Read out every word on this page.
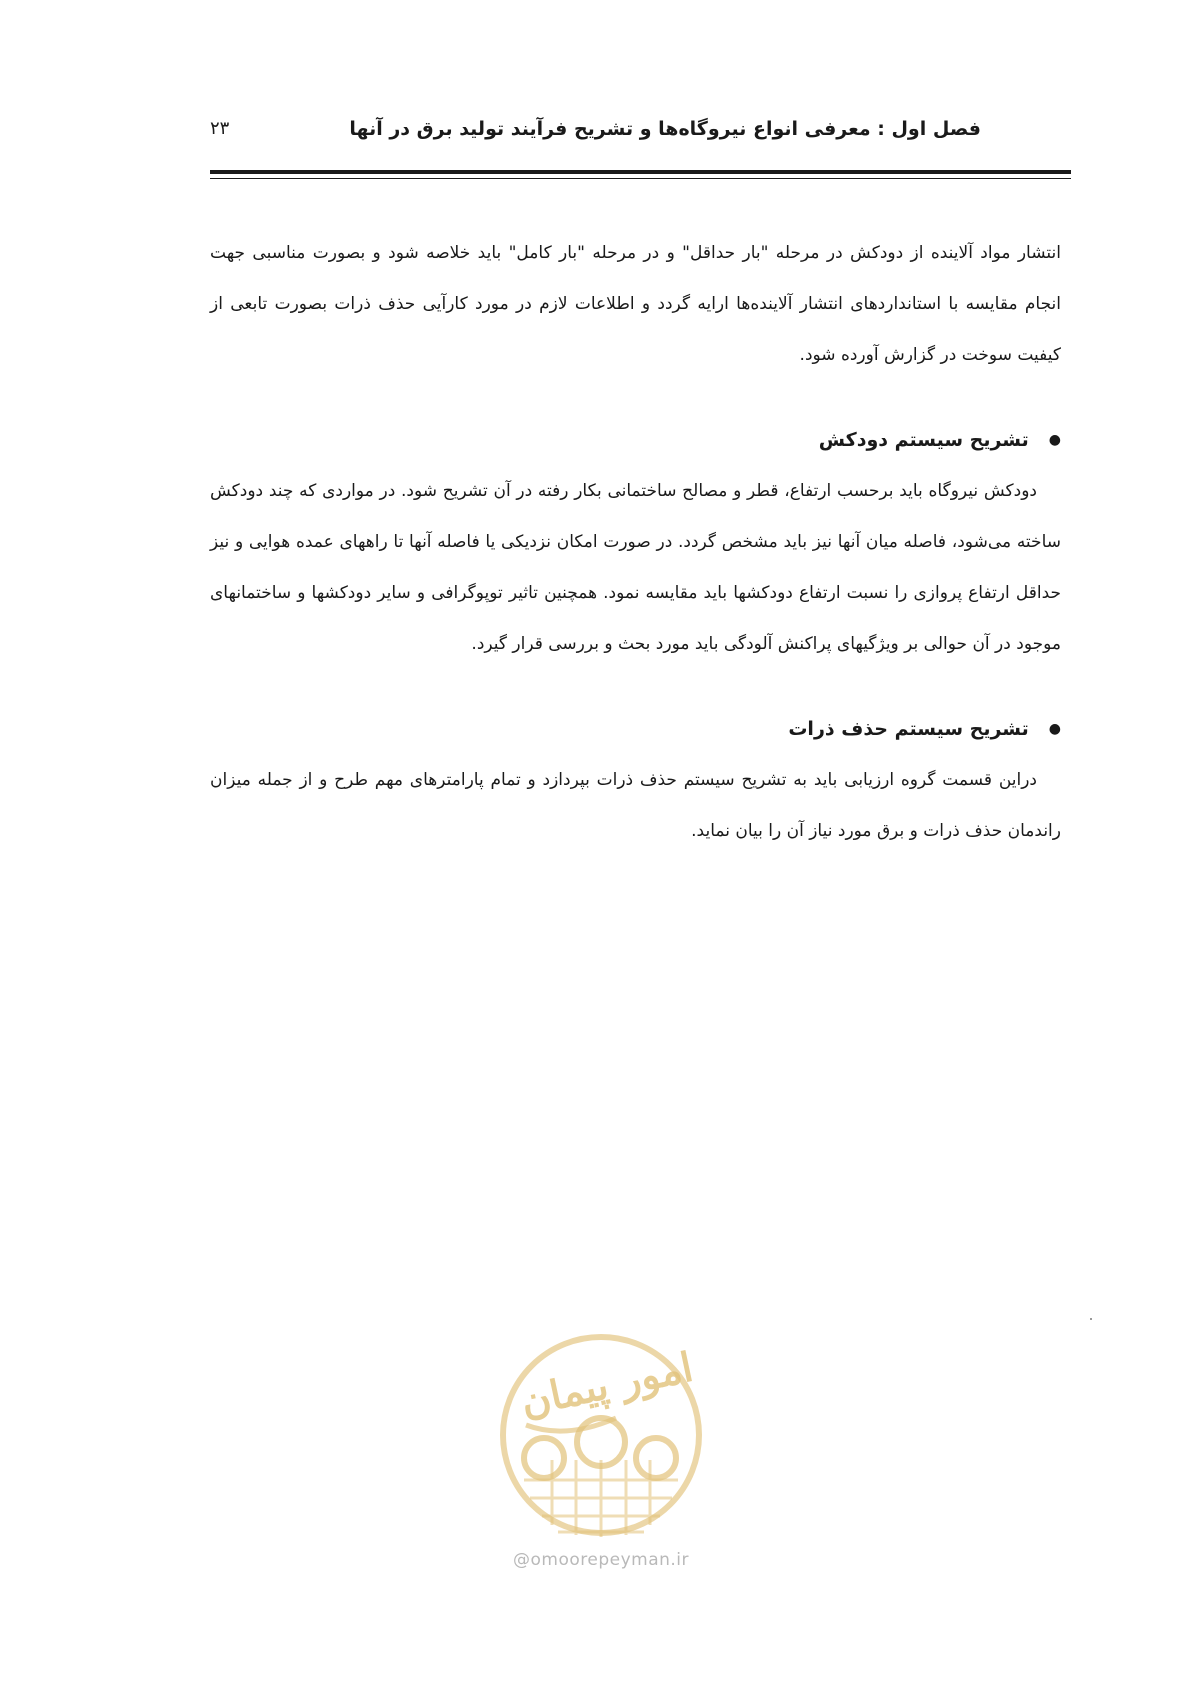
فصل اول : معرفی انواع نیروگاه‌ها و تشریح فرآیند تولید برق در آنها
۲۳

انتشار مواد آلاینده از دودکش در مرحله "بار حداقل" و در مرحله "بار کامل" باید خلاصه شود و بصورت مناسبی جهت انجام مقایسه با استانداردهای انتشار آلاینده‌ها ارایه گردد و اطلاعات لازم در مورد کارآیی حذف ذرات بصورت تابعی از کیفیت سوخت در گزارش آورده شود.

●
تشریح سیستم دودکش

دودکش نیروگاه باید برحسب ارتفاع، قطر و مصالح ساختمانی بکار رفته در آن تشریح شود. در مواردی که چند دودکش ساخته می‌شود، فاصله میان آنها نیز باید مشخص گردد. در صورت امکان نزدیکی یا فاصله آنها تا راههای عمده هوایی و نیز حداقل ارتفاع پروازی را نسبت ارتفاع دودکشها باید مقایسه نمود. همچنین تاثیر توپوگرافی و سایر دودکشها و ساختمانهای موجود در آن حوالی بر ویژگیهای پراکنش آلودگی باید مورد بحث و بررسی قرار گیرد.

●
تشریح سیستم حذف ذرات

دراین قسمت گروه ارزیابی باید به تشریح سیستم حذف ذرات بپردازد و تمام پارامترهای مهم طرح و از جمله میزان راندمان حذف ذرات و برق مورد نیاز آن را بیان نماید.

امور پیمان
@omoorepeyman.ir
